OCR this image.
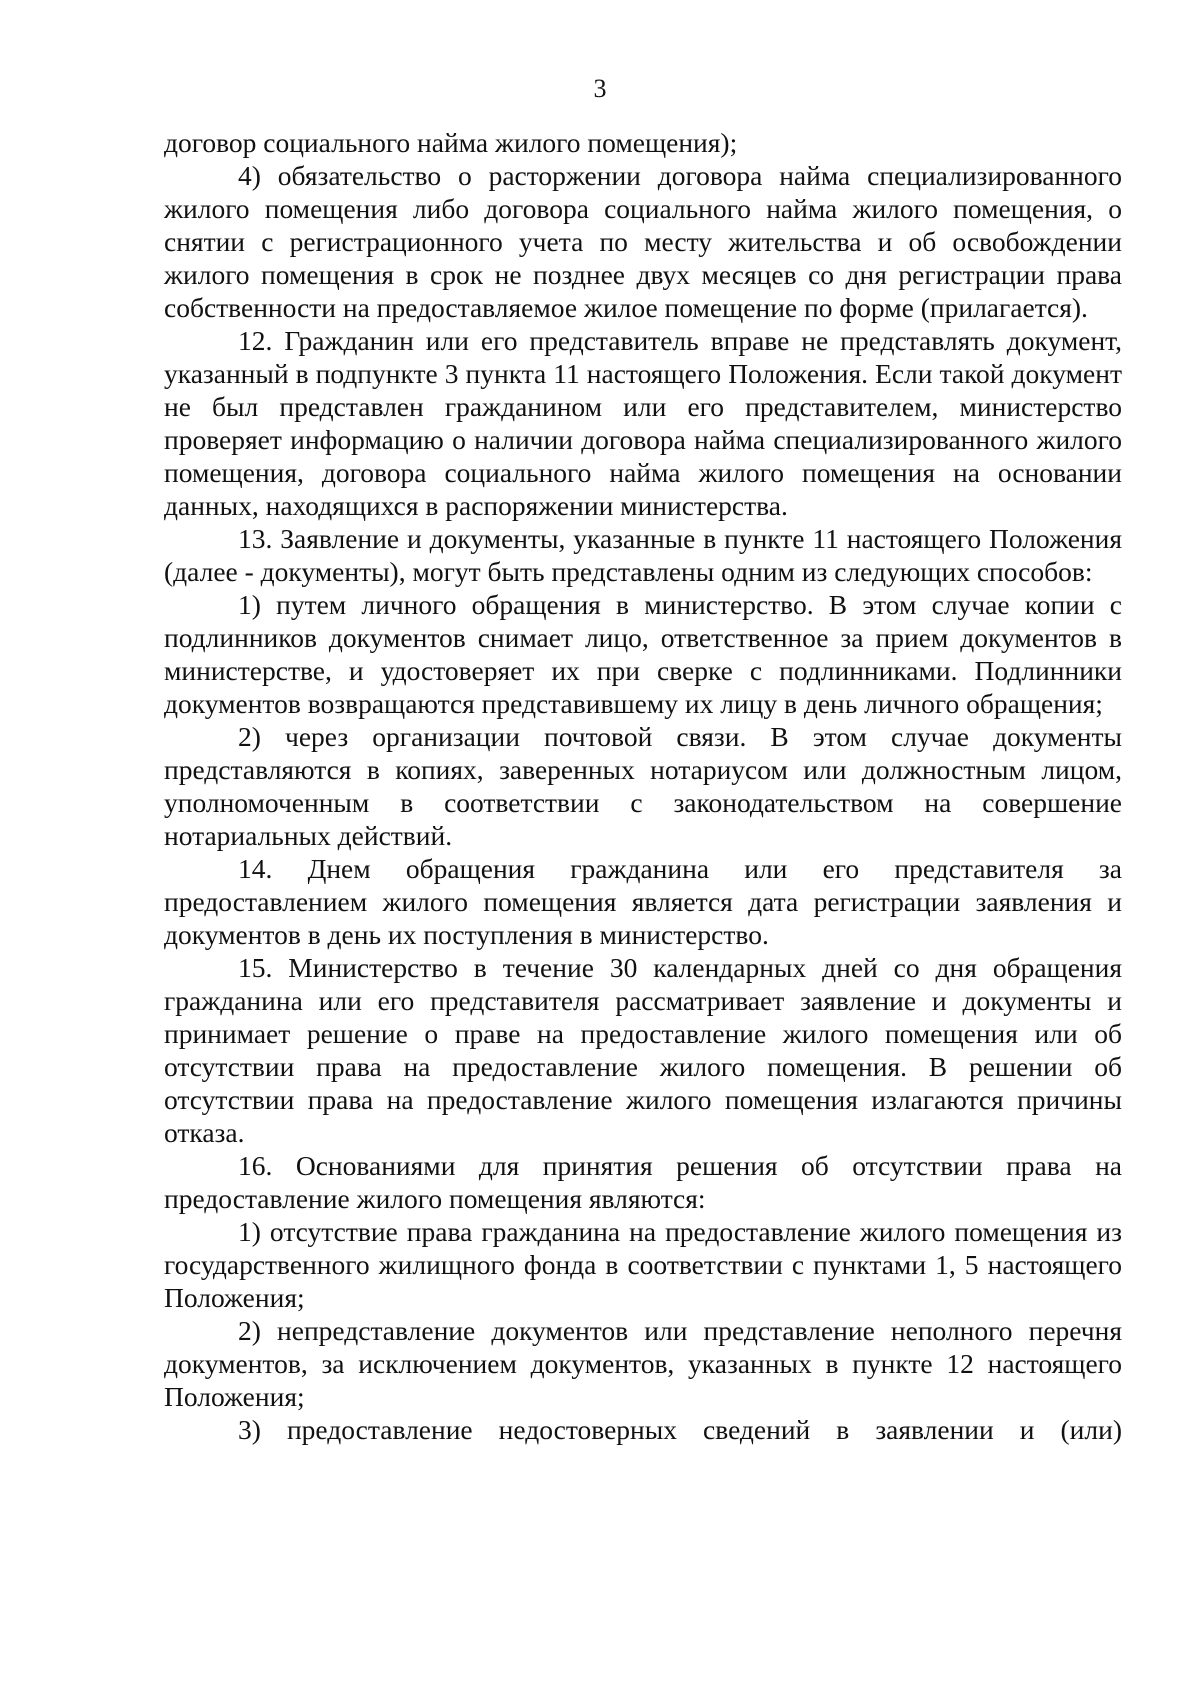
3

договор социального найма жилого помещения);

4) обязательство о расторжении договора найма специализированного жилого помещения либо договора социального найма жилого помещения, о снятии с регистрационного учета по месту жительства и об освобождении жилого помещения в срок не позднее двух месяцев со дня регистрации права собственности на предоставляемое жилое помещение по форме (прилагается).

12. Гражданин или его представитель вправе не представлять документ, указанный в подпункте 3 пункта 11 настоящего Положения. Если такой документ не был представлен гражданином или его представителем, министерство проверяет информацию о наличии договора найма специализированного жилого помещения, договора социального найма жилого помещения на основании данных, находящихся в распоряжении министерства.

13. Заявление и документы, указанные в пункте 11 настоящего Положения (далее - документы), могут быть представлены одним из следующих способов:

1) путем личного обращения в министерство. В этом случае копии с подлинников документов снимает лицо, ответственное за прием документов в министерстве, и удостоверяет их при сверке с подлинниками. Подлинники документов возвращаются представившему их лицу в день личного обращения;

2) через организации почтовой связи. В этом случае документы представляются в копиях, заверенных нотариусом или должностным лицом, уполномоченным в соответствии с законодательством на совершение нотариальных действий.

14. Днем обращения гражданина или его представителя за предоставлением жилого помещения является дата регистрации заявления и документов в день их поступления в министерство.

15. Министерство в течение 30 календарных дней со дня обращения гражданина или его представителя рассматривает заявление и документы и принимает решение о праве на предоставление жилого помещения или об отсутствии права на предоставление жилого помещения. В решении об отсутствии права на предоставление жилого помещения излагаются причины отказа.

16. Основаниями для принятия решения об отсутствии права на предоставление жилого помещения являются:

1) отсутствие права гражданина на предоставление жилого помещения из государственного жилищного фонда в соответствии с пунктами 1, 5 настоящего Положения;

2) непредставление документов или представление неполного перечня документов, за исключением документов, указанных в пункте 12 настоящего Положения;

3) предоставление недостоверных сведений в заявлении и (или)
